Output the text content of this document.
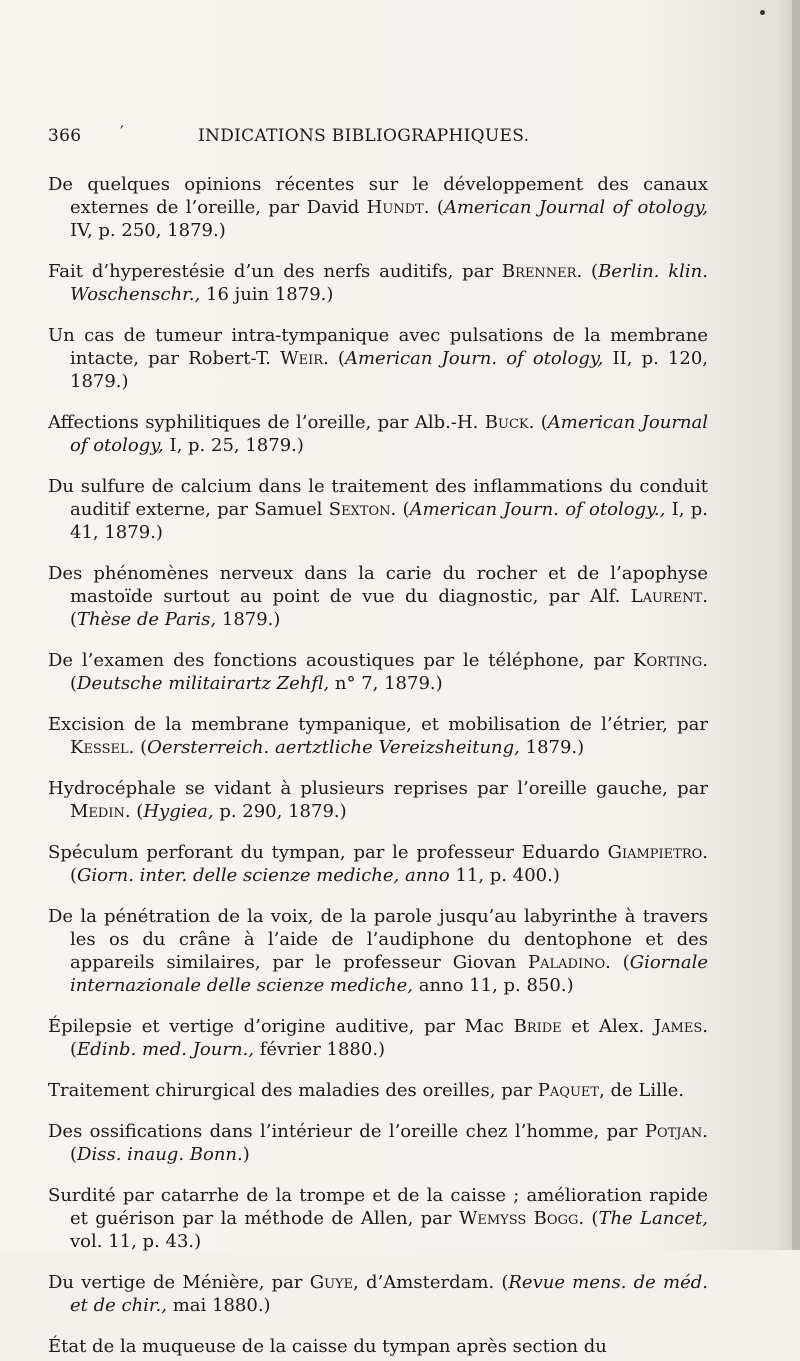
366 ′	INDICATIONS BIBLIOGRAPHIQUES.

De quelques opinions récentes sur le développement des canaux externes de l’oreille, par David Hundt. (American Journal of otology, IV, p. 250, 1879.)

Fait d’hyperestésie d’un des nerfs auditifs, par Brenner. (Berlin. klin. Woschenschr., 16 juin 1879.)

Un cas de tumeur intra-tympanique avec pulsations de la membrane intacte, par Robert-T. Weir. (American Journ. of otology, II, p. 120, 1879.)

Affections syphilitiques de l’oreille, par Alb.-H. Buck. (American Journal of otology, I, p. 25, 1879.)

Du sulfure de calcium dans le traitement des inflammations du conduit auditif externe, par Samuel Sexton. (American Journ. of otology., I, p. 41, 1879.)

Des phénomènes nerveux dans la carie du rocher et de l’apophyse mastoïde surtout au point de vue du diagnostic, par Alf. Laurent. (Thèse de Paris, 1879.)

De l’examen des fonctions acoustiques par le téléphone, par Korting. (Deutsche militairartz Zehfl, n° 7, 1879.)

Excision de la membrane tympanique, et mobilisation de l’étrier, par Kessel. (Oersterreich. aertztliche Vereizsheitung, 1879.)

Hydrocéphale se vidant à plusieurs reprises par l’oreille gauche, par Medin. (Hygiea, p. 290, 1879.)

Spéculum perforant du tympan, par le professeur Eduardo Giampietro. (Giorn. inter. delle scienze mediche, anno 11, p. 400.)

De la pénétration de la voix, de la parole jusqu’au labyrinthe à travers les os du crâne à l’aide de l’audiphone du dentophone et des appareils similaires, par le professeur Giovan Paladino. (Giornale internazionale delle scienze mediche, anno 11, p. 850.)

Épilepsie et vertige d’origine auditive, par Mac Bride et Alex. James. (Edinb. med. Journ., février 1880.)

Traitement chirurgical des maladies des oreilles, par Paquet, de Lille.

Des ossifications dans l’intérieur de l’oreille chez l’homme, par Potjan. (Diss. inaug. Bonn.)

Surdité par catarrhe de la trompe et de la caisse ; amélioration rapide et guérison par la méthode de Allen, par Wemyss Bogg. (The Lancet, vol. 11, p. 43.)

Du vertige de Ménière, par Guye, d’Amsterdam. (Revue mens. de méd. et de chir., mai 1880.)

État de la muqueuse de la caisse du tympan après section du
